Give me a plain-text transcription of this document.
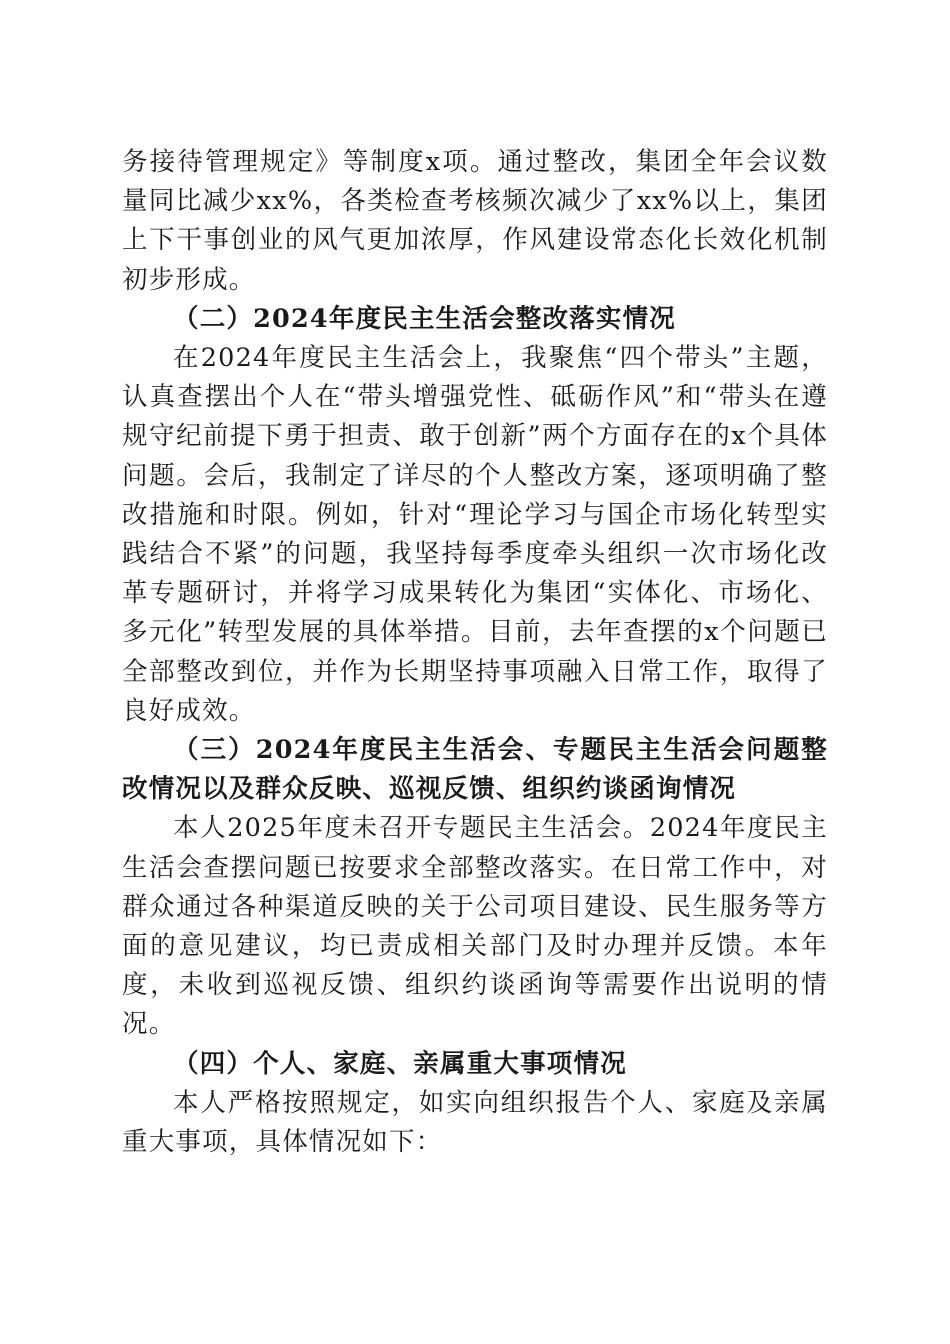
务接待管理规定》等制度x项。通过整改，集团全年会议数量同比减少xx%，各类检查考核频次减少了xx%以上，集团上下干事创业的风气更加浓厚，作风建设常态化长效化机制初步形成。

（二）2024年度民主生活会整改落实情况

在2024年度民主生活会上，我聚焦“四个带头”主题，认真查摆出个人在“带头增强党性、砥砺作风”和“带头在遵规守纪前提下勇于担责、敢于创新”两个方面存在的x个具体问题。会后，我制定了详尽的个人整改方案，逐项明确了整改措施和时限。例如，针对“理论学习与国企市场化转型实践结合不紧”的问题，我坚持每季度牵头组织一次市场化改革专题研讨，并将学习成果转化为集团“实体化、市场化、多元化”转型发展的具体举措。目前，去年查摆的x个问题已全部整改到位，并作为长期坚持事项融入日常工作，取得了良好成效。

（三）2024年度民主生活会、专题民主生活会问题整改情况以及群众反映、巡视反馈、组织约谈函询情况

本人2025年度未召开专题民主生活会。2024年度民主生活会查摆问题已按要求全部整改落实。在日常工作中，对群众通过各种渠道反映的关于公司项目建设、民生服务等方面的意见建议，均已责成相关部门及时办理并反馈。本年度，未收到巡视反馈、组织约谈函询等需要作出说明的情况。

（四）个人、家庭、亲属重大事项情况

本人严格按照规定，如实向组织报告个人、家庭及亲属重大事项，具体情况如下：
